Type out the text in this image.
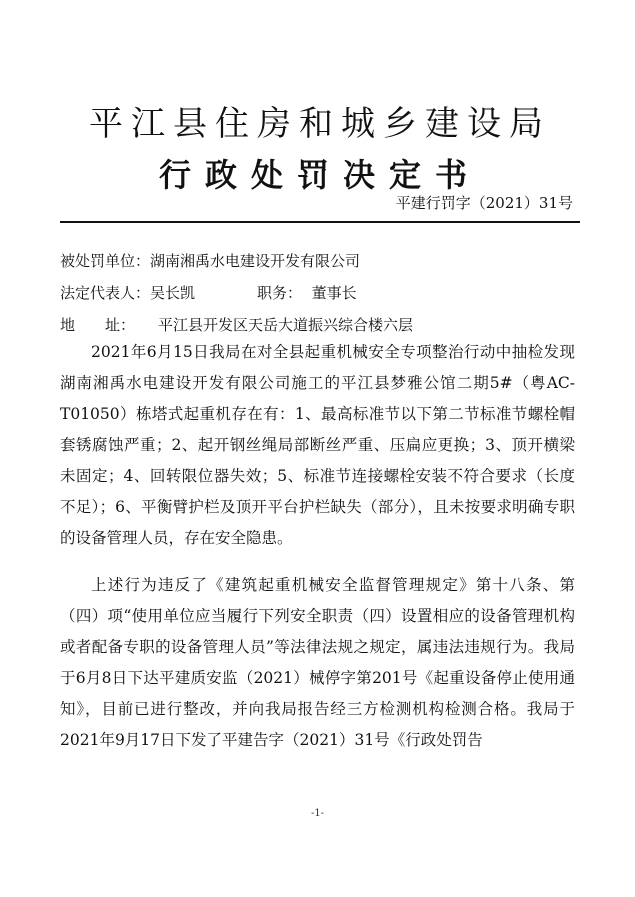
平江县住房和城乡建设局
行政处罚决定书
平建行罚字（2021）31号
被处罚单位：湖南湘禹水电建设开发有限公司
法定代表人：吴长凯	职务： 董事长
地　　址： 平江县开发区天岳大道振兴综合楼六层

2021年6月15日我局在对全县起重机械安全专项整治行动中抽检发现湖南湘禹水电建设开发有限公司施工的平江县梦雅公馆二期5#（粤AC-T01050）栋塔式起重机存在有：1、最高标准节以下第二节标准节螺栓帽套锈腐蚀严重；2、起开钢丝绳局部断丝严重、压扁应更换；3、顶开横梁未固定；4、回转限位器失效；5、标准节连接螺栓安装不符合要求（长度不足）；6、平衡臂护栏及顶开平台护栏缺失（部分），且未按要求明确专职的设备管理人员，存在安全隐患。

上述行为违反了《建筑起重机械安全监督管理规定》第十八条、第（四）项“使用单位应当履行下列安全职责（四）设置相应的设备管理机构或者配备专职的设备管理人员”等法律法规之规定，属违法违规行为。我局于6月8日下达平建质安监（2021）械停字第201号《起重设备停止使用通知》，目前已进行整改，并向我局报告经三方检测机构检测合格。我局于2021年9月17日下发了平建告字（2021）31号《行政处罚告

-1-
